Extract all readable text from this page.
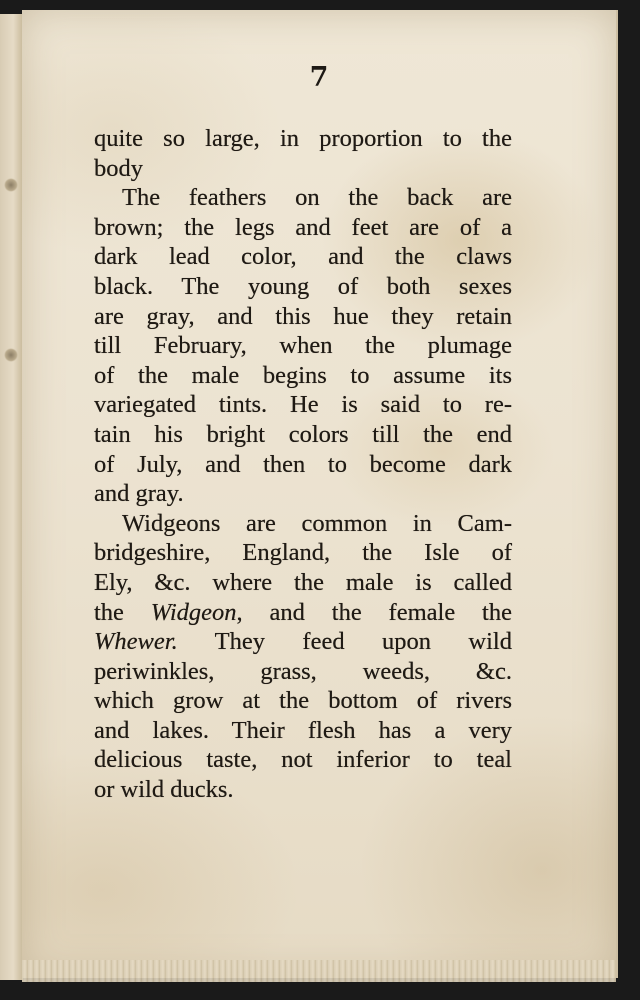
7
quite so large, in proportion to the
body
The feathers on the back are
brown; the legs and feet are of a
dark lead color, and the claws
black. The young of both sexes
are gray, and this hue they retain
till February, when the plumage
of the male begins to assume its
variegated tints. He is said to re-
tain his bright colors till the end
of July, and then to become dark
and gray.
Widgeons are common in Cam-
bridgeshire, England, the Isle of
Ely, &c. where the male is called
the Widgeon, and the female the
Whewer. They feed upon wild
periwinkles, grass, weeds, &c.
which grow at the bottom of rivers
and lakes. Their flesh has a very
delicious taste, not inferior to teal
or wild ducks.
